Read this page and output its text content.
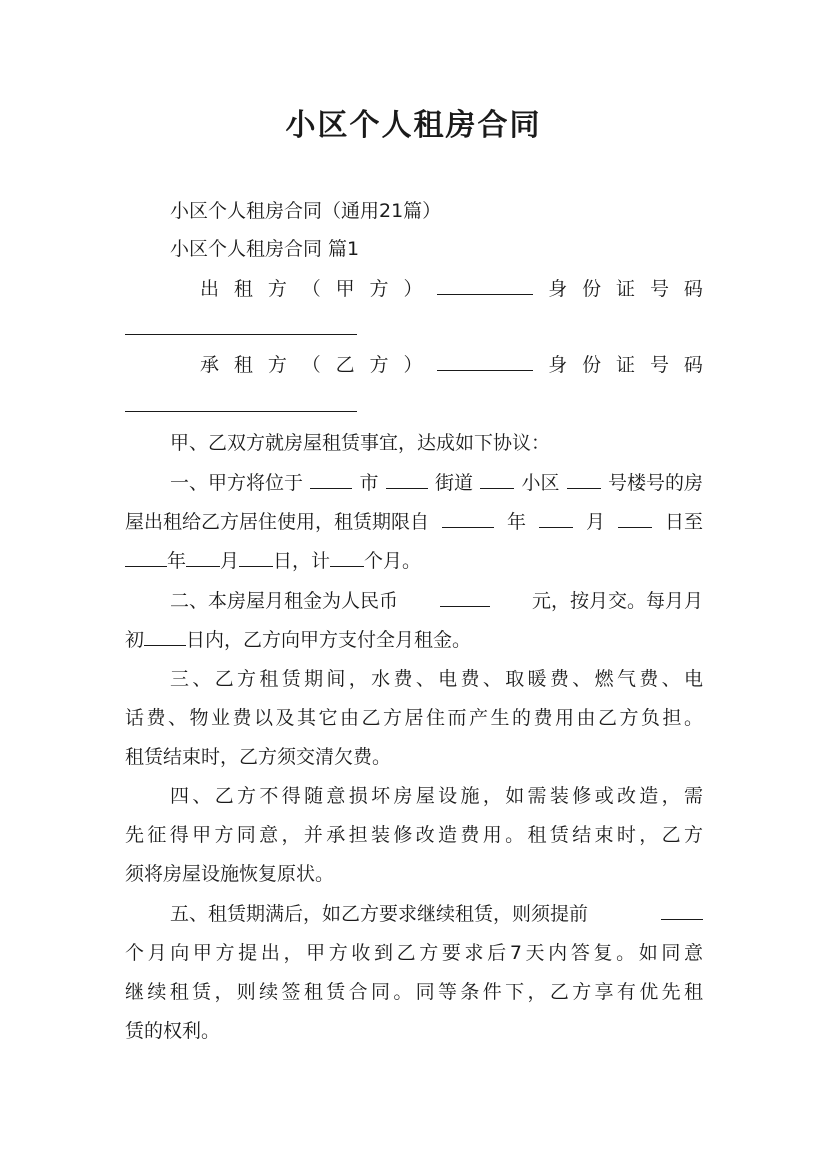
小区个人租房合同
小区个人租房合同（通用21篇）
小区个人租房合同 篇1
出 租 方 （ 甲 方 ）	身 份 证 号 码
承 租 方 （ 乙 方 ）	身 份 证 号 码
甲、乙双方就房屋租赁事宜，达成如下协议：
一、甲方将位于	市	街道	小区	号楼号的房
屋出租给乙方居住使用，租赁期限自	年	月	日至
年 月 日，计 个月。
二、本房屋月租金为人民币	元，按月交。每月月
初 日内，乙方向甲方支付全月租金。
三、乙方租赁期间，水费、电费、取暖费、燃气费、电
话费、物业费以及其它由乙方居住而产生的费用由乙方负担。
租赁结束时，乙方须交清欠费。
四、乙方不得随意损坏房屋设施，如需装修或改造，需
先征得甲方同意，并承担装修改造费用。租赁结束时，乙方
须将房屋设施恢复原状。
五、租赁期满后，如乙方要求继续租赁，则须提前
个月向甲方提出，甲方收到乙方要求后7天内答复。如同意
继续租赁，则续签租赁合同。同等条件下，乙方享有优先租
赁的权利。
